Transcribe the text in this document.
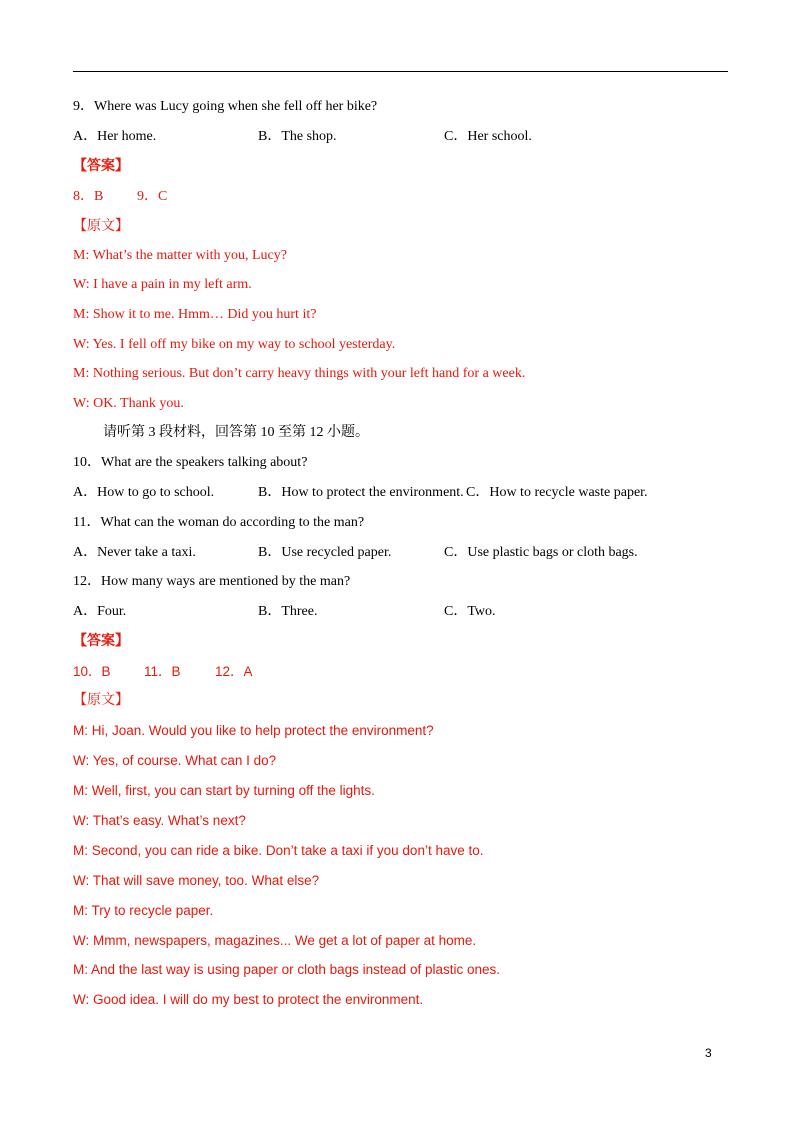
9．Where was Lucy going when she fell off her bike?
A．Her home.	B．The shop.	C．Her school.
【答案】
8．B 9．C
【原文】
M: What’s the matter with you, Lucy?
W: I have a pain in my left arm.
M: Show it to me. Hmm… Did you hurt it?
W: Yes. I fell off my bike on my way to school yesterday.
M: Nothing serious. But don’t carry heavy things with your left hand for a week.
W: OK. Thank you.
请听第 3 段材料，回答第 10 至第 12 小题。
10．What are the speakers talking about?
A．How to go to school.	B．How to protect the environment. C．How to recycle waste paper.
11．What can the woman do according to the man?
A．Never take a taxi.	B．Use recycled paper.	C．Use plastic bags or cloth bags.
12．How many ways are mentioned by the man?
A．Four.	B．Three.	C．Two.
【答案】
10．B 11．B	12．A
【原文】
M: Hi, Joan. Would you like to help protect the environment?
W: Yes, of course. What can I do?
M: Well, first, you can start by turning off the lights.
W: That’s easy. What’s next?
M: Second, you can ride a bike. Don’t take a taxi if you don’t have to.
W: That will save money, too. What else?
M: Try to recycle paper.
W: Mmm, newspapers, magazines... We get a lot of paper at home.
M: And the last way is using paper or cloth bags instead of plastic ones.
W: Good idea. I will do my best to protect the environment.
3
